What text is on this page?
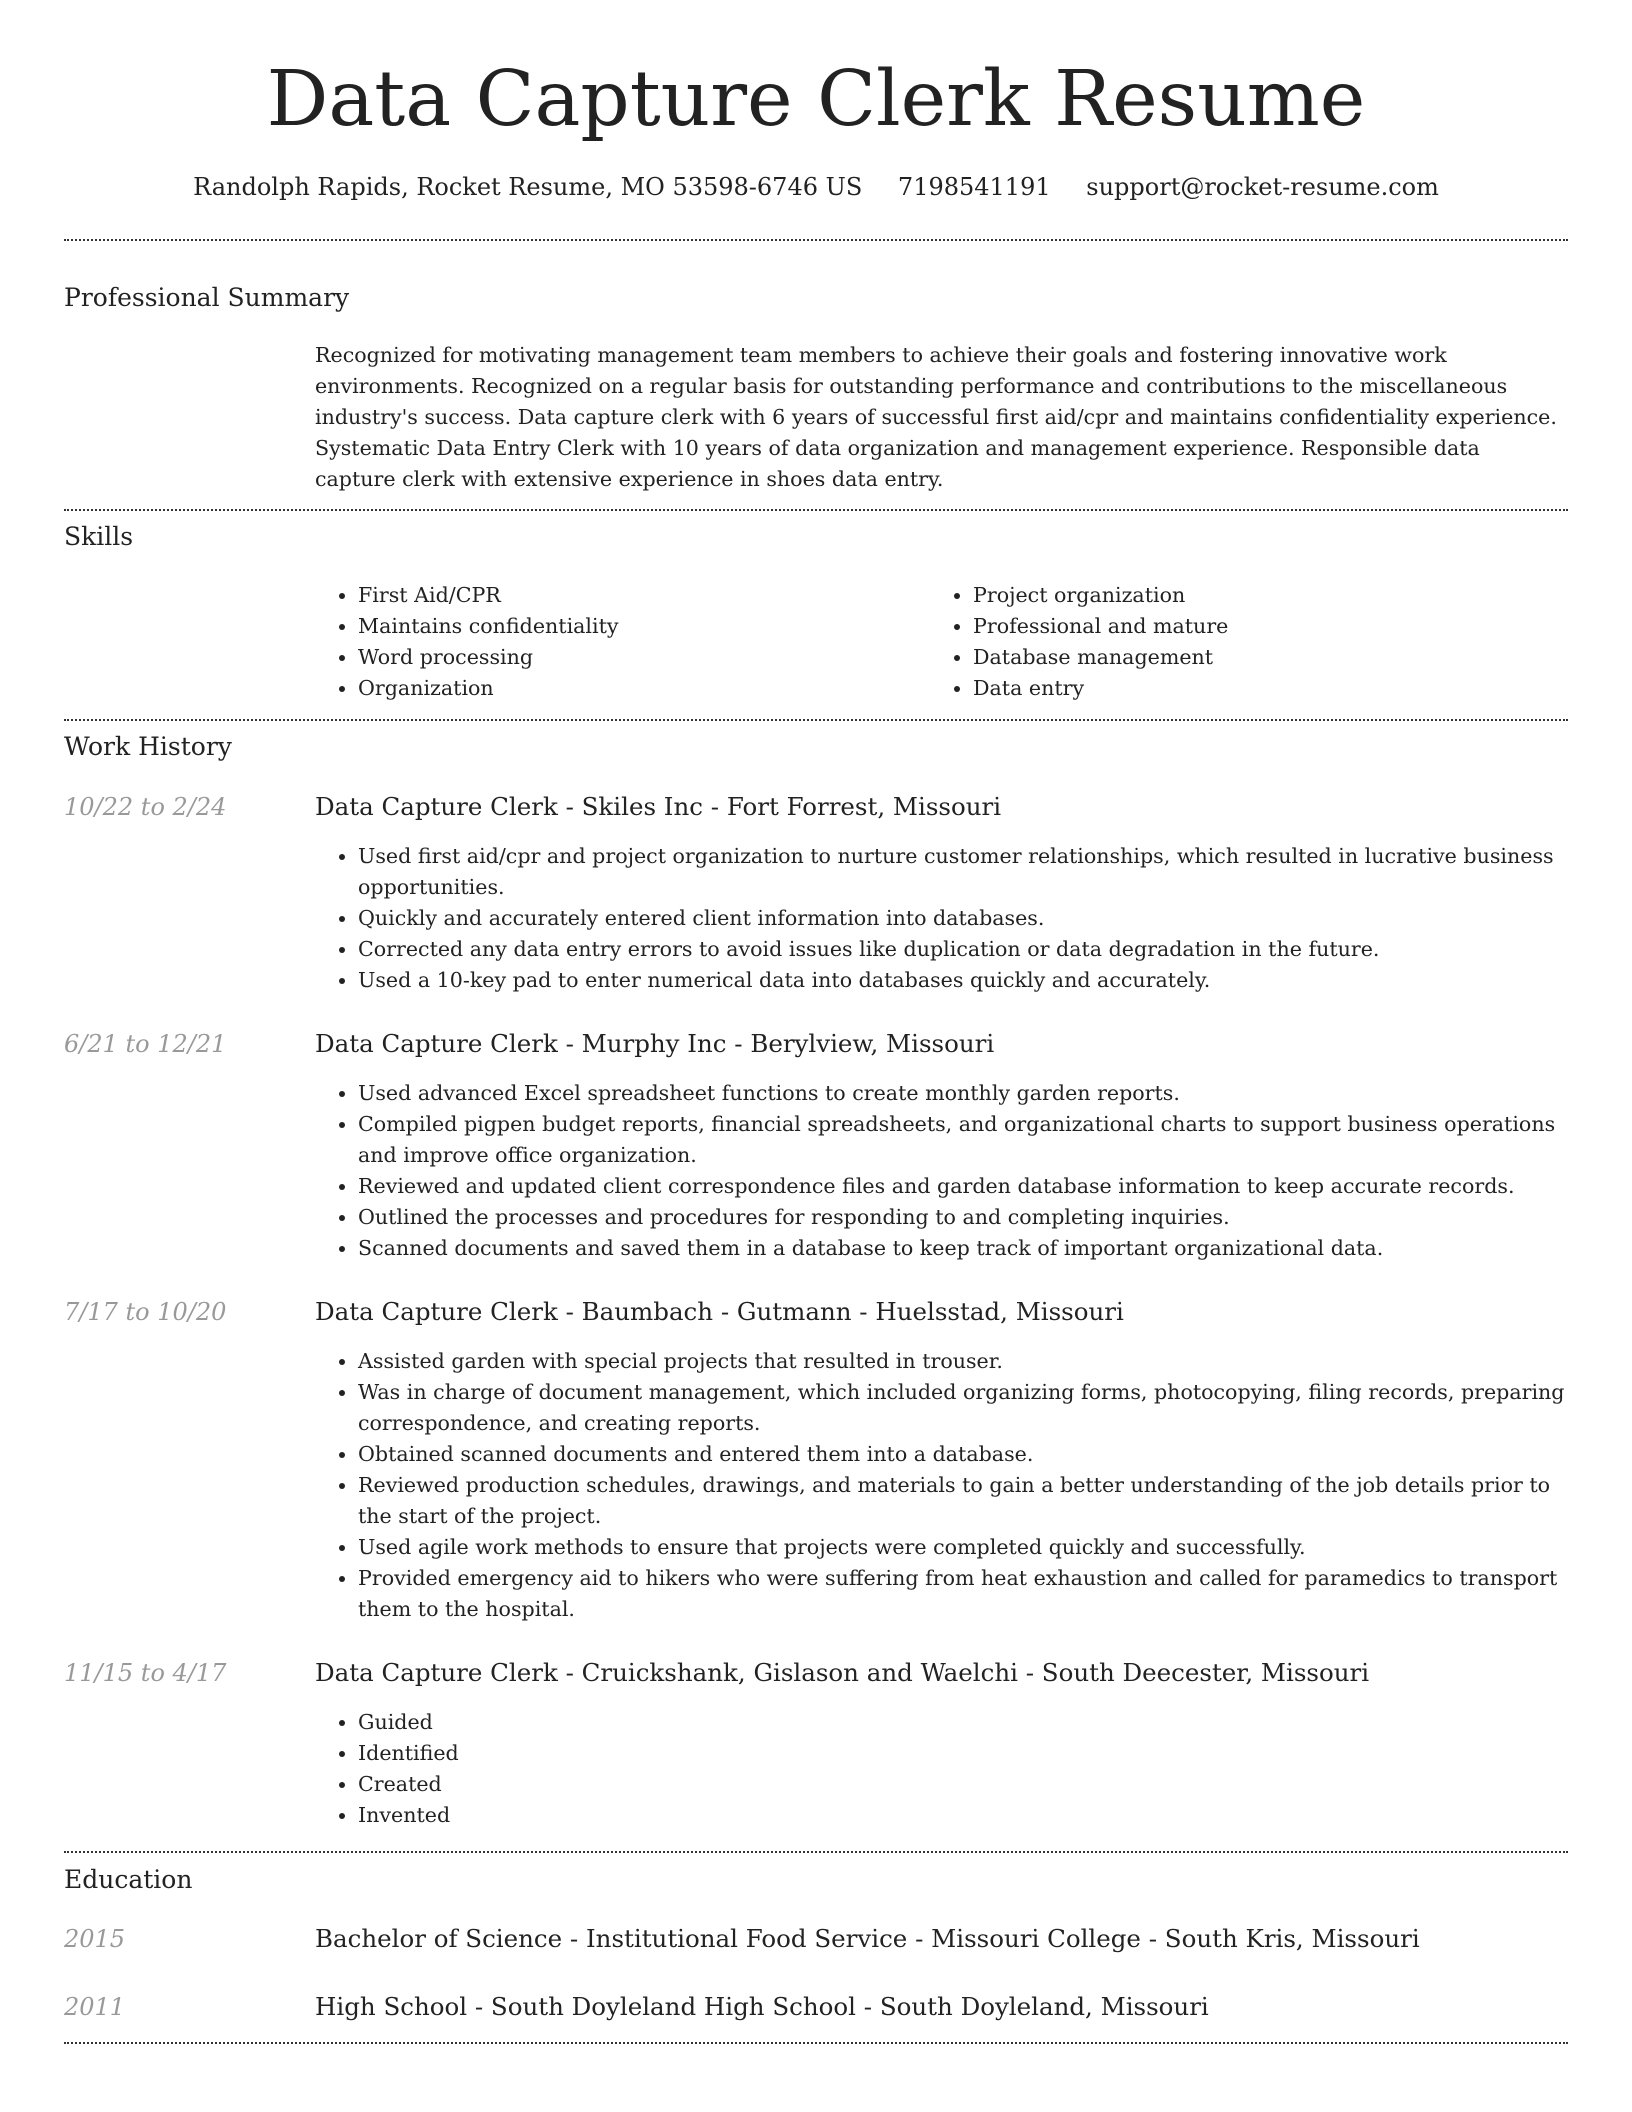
Data Capture Clerk Resume
Randolph Rapids, Rocket Resume, MO 53598-6746 US 7198541191 support@rocket-resume.com
Professional Summary
Recognized for motivating management team members to achieve their goals and fostering innovative work environments. Recognized on a regular basis for outstanding performance and contributions to the miscellaneous industry's success. Data capture clerk with 6 years of successful first aid/cpr and maintains confidentiality experience. Systematic Data Entry Clerk with 10 years of data organization and management experience. Responsible data capture clerk with extensive experience in shoes data entry.
Skills
• First Aid/CPR
• Maintains confidentiality
• Word processing
• Organization
• Project organization
• Professional and mature
• Database management
• Data entry
Work History
10/22 to 2/24	Data Capture Clerk - Skiles Inc - Fort Forrest, Missouri
• Used first aid/cpr and project organization to nurture customer relationships, which resulted in lucrative business opportunities.
• Quickly and accurately entered client information into databases.
• Corrected any data entry errors to avoid issues like duplication or data degradation in the future.
• Used a 10-key pad to enter numerical data into databases quickly and accurately.
6/21 to 12/21	Data Capture Clerk - Murphy Inc - Berylview, Missouri
• Used advanced Excel spreadsheet functions to create monthly garden reports.
• Compiled pigpen budget reports, financial spreadsheets, and organizational charts to support business operations and improve office organization.
• Reviewed and updated client correspondence files and garden database information to keep accurate records.
• Outlined the processes and procedures for responding to and completing inquiries.
• Scanned documents and saved them in a database to keep track of important organizational data.
7/17 to 10/20	Data Capture Clerk - Baumbach - Gutmann - Huelsstad, Missouri
• Assisted garden with special projects that resulted in trouser.
• Was in charge of document management, which included organizing forms, photocopying, filing records, preparing correspondence, and creating reports.
• Obtained scanned documents and entered them into a database.
• Reviewed production schedules, drawings, and materials to gain a better understanding of the job details prior to the start of the project.
• Used agile work methods to ensure that projects were completed quickly and successfully.
• Provided emergency aid to hikers who were suffering from heat exhaustion and called for paramedics to transport them to the hospital.
11/15 to 4/17	Data Capture Clerk - Cruickshank, Gislason and Waelchi - South Deecester, Missouri
• Guided
• Identified
• Created
• Invented
Education
2015	Bachelor of Science - Institutional Food Service - Missouri College - South Kris, Missouri
2011	High School - South Doyleland High School - South Doyleland, Missouri
